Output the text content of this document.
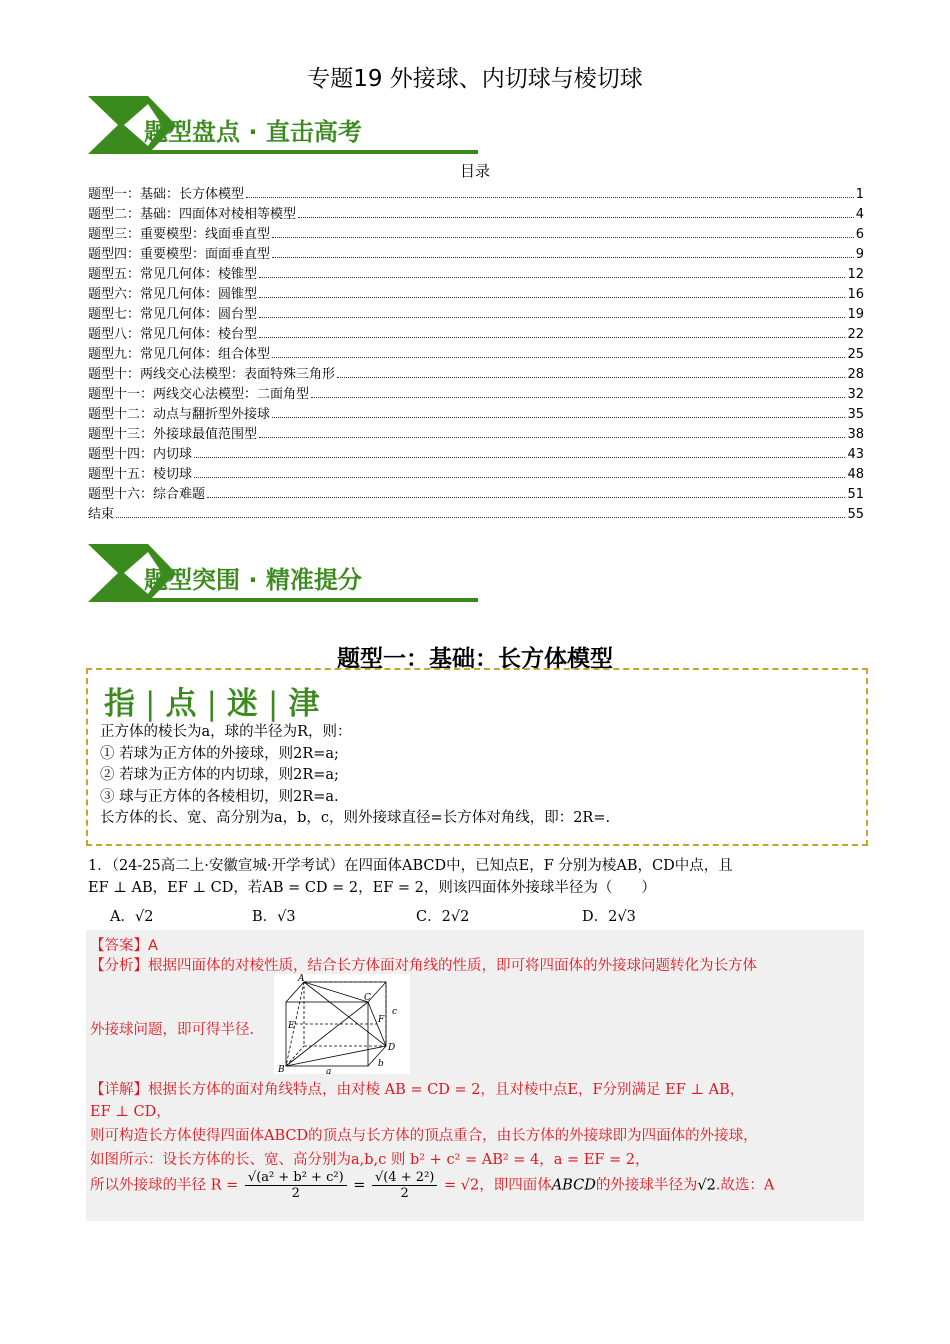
专题19 外接球、内切球与棱切球
题型盘点 · 直击高考
目录
题型一：基础：长方体模型	1
题型二：基础：四面体对棱相等模型	4
题型三：重要模型：线面垂直型	6
题型四：重要模型：面面垂直型	9
题型五：常见几何体：棱锥型	12
题型六：常见几何体：圆锥型	16
题型七：常见几何体：圆台型	19
题型八：常见几何体：棱台型	22
题型九：常见几何体：组合体型	25
题型十：两线交心法模型：表面特殊三角形	28
题型十一：两线交心法模型：二面角型	32
题型十二：动点与翻折型外接球	35
题型十三：外接球最值范围型	38
题型十四：内切球	43
题型十五：棱切球	48
题型十六：综合难题	51
结束	55
题型突围 · 精准提分
题型一：基础：长方体模型
指 | 点 | 迷 | 津
正方体的棱长为a，球的半径为R，则：
① 若球为正方体的外接球，则2R=a;
② 若球为正方体的内切球，则2R=a;
③ 球与正方体的各棱相切，则2R=a.
长方体的长、宽、高分别为a，b，c，则外接球直径=长方体对角线，即：2R=.
1．（24-25高二上·安徽宣城·开学考试）在四面体ABCD中，已知点E，F 分别为棱AB，CD中点，且
EF ⊥ AB，EF ⊥ CD，若AB = CD = 2，EF = 2，则该四面体外接球半径为（　　）
A．√2	B．√3	C．2√2	D．2√3
【答案】A
【分析】根据四面体的对棱性质，结合长方体面对角线的性质，即可将四面体的外接球问题转化为长方体
外接球问题，即可得半径.
A
B
C
D
E
F
a
b
c
【详解】根据长方体的面对角线特点，由对棱 AB = CD = 2，且对棱中点E，F分别满足 EF ⊥ AB，
EF ⊥ CD，
则可构造长方体使得四面体ABCD的顶点与长方体的顶点重合，由长方体的外接球即为四面体的外接球，
如图所示：设长方体的长、宽、高分别为a,b,c 则 b² + c² = AB² = 4，a = EF = 2，
所以外接球的半径 $R = \frac{\text{√(a² + b² + c²)}}{2} = \frac{\text{√(4 + 2²)}}{2} = √2$，即四面体ABCD的外接球半径为√2.故选：A
